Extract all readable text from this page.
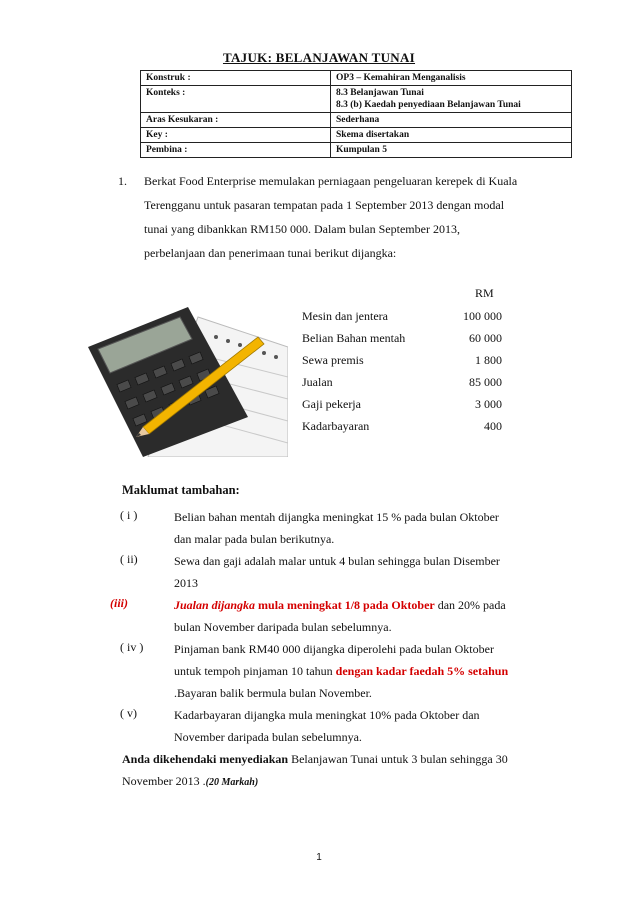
TAJUK: BELANJAWAN TUNAI
Konstruk :	OP3 – Kemahiran Menganalisis
Konteks :	8.3 Belanjawan Tunai
8.3 (b) Kaedah penyediaan Belanjawan Tunai

Aras Kesukaran :	Sederhana
Key :	Skema disertakan
Pembina :	Kumpulan 5
1. Berkat Food Enterprise memulakan perniagaan pengeluaran kerepek di Kuala
Terengganu untuk pasaran tempatan pada 1 September 2013 dengan modal
tunai yang dibankkan RM150 000. Dalam bulan September 2013,
perbelanjaan dan penerimaan tunai berikut dijangka:
RM
Mesin dan jentera	100 000
Belian Bahan mentah	60 000
Sewa premis	1 800
Jualan	85 000
Gaji pekerja	3 000
Kadarbayaran	400
Maklumat tambahan:
( i )	Belian bahan mentah dijangka meningkat 15 % pada bulan Oktober
dan malar pada bulan berikutnya.
( ii)	Sewa dan gaji adalah malar untuk 4 bulan sehingga bulan Disember
2013
(iii)	Jualan dijangka mula meningkat 1/8 pada Oktober dan 20% pada
bulan November daripada bulan sebelumnya.
( iv )	Pinjaman bank RM40 000 dijangka diperolehi pada bulan Oktober
untuk tempoh pinjaman 10 tahun dengan kadar faedah 5% setahun
.Bayaran balik bermula bulan November.
( v)	Kadarbayaran dijangka mula meningkat 10% pada Oktober dan
November daripada bulan sebelumnya.
Anda dikehendaki menyediakan Belanjawan Tunai untuk 3 bulan sehingga 30
November 2013 .(20 Markah)
1
